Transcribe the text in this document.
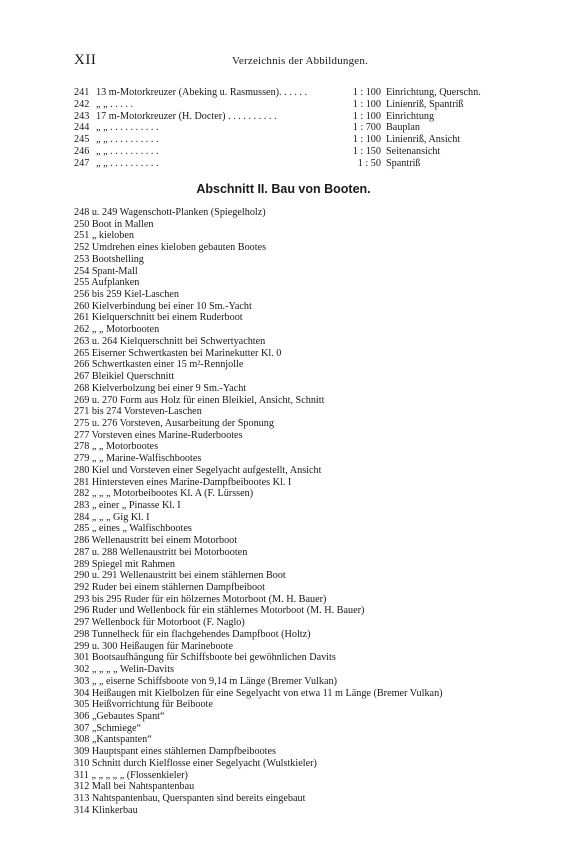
XII	Verzeichnis der Abbildungen.
241 13 m-Motorkreuzer (Abeking u. Rasmussen). . . . . .	1 : 100 Einrichtung, Querschn.
242 „ „ . . . . .	1 : 100 Linienriß, Spantriß
243 17 m-Motorkreuzer (H. Docter) . . . . . . . . . .	1 : 100 Einrichtung
244 „ „ . . . . . . . . . .	1 : 700 Bauplan
245 „ „ . . . . . . . . . .	1 : 100 Linienriß, Ansicht
246 „ „ . . . . . . . . . .	1 : 150 Seitenansicht
247 „ „ . . . . . . . . . .	1 : 50 Spantriß
Abschnitt II. Bau von Booten.
248 u. 249 Wagenschott-Planken (Spiegelholz)
250 Boot in Mallen
251 „ kieloben
252 Umdrehen eines kieloben gebauten Bootes
253 Bootshelling
254 Spant-Mall
255 Aufplanken
256 bis 259 Kiel-Laschen
260 Kielverbindung bei einer 10 Sm.-Yacht
261 Kielquerschnitt bei einem Ruderboot
262 „ „ Motorbooten
263 u. 264 Kielquerschnitt bei Schwertyachten
265 Eiserner Schwertkasten bei Marinekutter Kl. 0
266 Schwertkasten einer 15 m²-Rennjolle
267 Bleikiel Querschnitt
268 Kielverbolzung bei einer 9 Sm.-Yacht
269 u. 270 Form aus Holz für einen Bleikiel, Ansicht, Schnitt
271 bis 274 Vorsteven-Laschen
275 u. 276 Vorsteven, Ausarbeitung der Sponung
277 Vorsteven eines Marine-Ruderbootes
278 „ „ Motorbootes
279 „ „ Marine-Walfischbootes
280 Kiel und Vorsteven einer Segelyacht aufgestellt, Ansicht
281 Hintersteven eines Marine-Dampfbeibootes Kl. I
282 „ „ „ Motorbeibootes Kl. A (F. Lürssen)
283 „ einer „ Pinasse Kl. I
284 „ „ „ Gig Kl. I
285 „ eines „ Walfischbootes
286 Wellenaustritt bei einem Motorboot
287 u. 288 Wellenaustritt bei Motorbooten
289 Spiegel mit Rahmen
290 u. 291 Wellenaustritt bei einem stählernen Boot
292 Ruder bei einem stählernen Dampfbeiboot
293 bis 295 Ruder für ein hölzernes Motorboot (M. H. Bauer)
296 Ruder und Wellenbock für ein stählernes Motorboot (M. H. Bauer)
297 Wellenbock für Motorboot (F. Naglo)
298 Tunnelheck für ein flachgehendes Dampfboot (Holtz)
299 u. 300 Heißaugen für Marineboote
301 Bootsaufhängung für Schiffsboote bei gewöhnlichen Davits
302 „ „ „ „ Welin-Davits
303 „ „ eiserne Schiffsboote von 9,14 m Länge (Bremer Vulkan)
304 Heißaugen mit Kielbolzen für eine Segelyacht von etwa 11 m Länge (Bremer Vulkan)
305 Heißvorrichtung für Beiboote
306 „Gebautes Spant“
307 „Schmiege“
308 „Kantspanten“
309 Hauptspant eines stählernen Dampfbeibootes
310 Schnitt durch Kielflosse einer Segelyacht (Wulstkieler)
311 „ „ „ „ „ (Flossenkieler)
312 Mall bei Nahtspantenbau
313 Nahtspantenbau, Querspanten sind bereits eingebaut
314 Klinkerbau
